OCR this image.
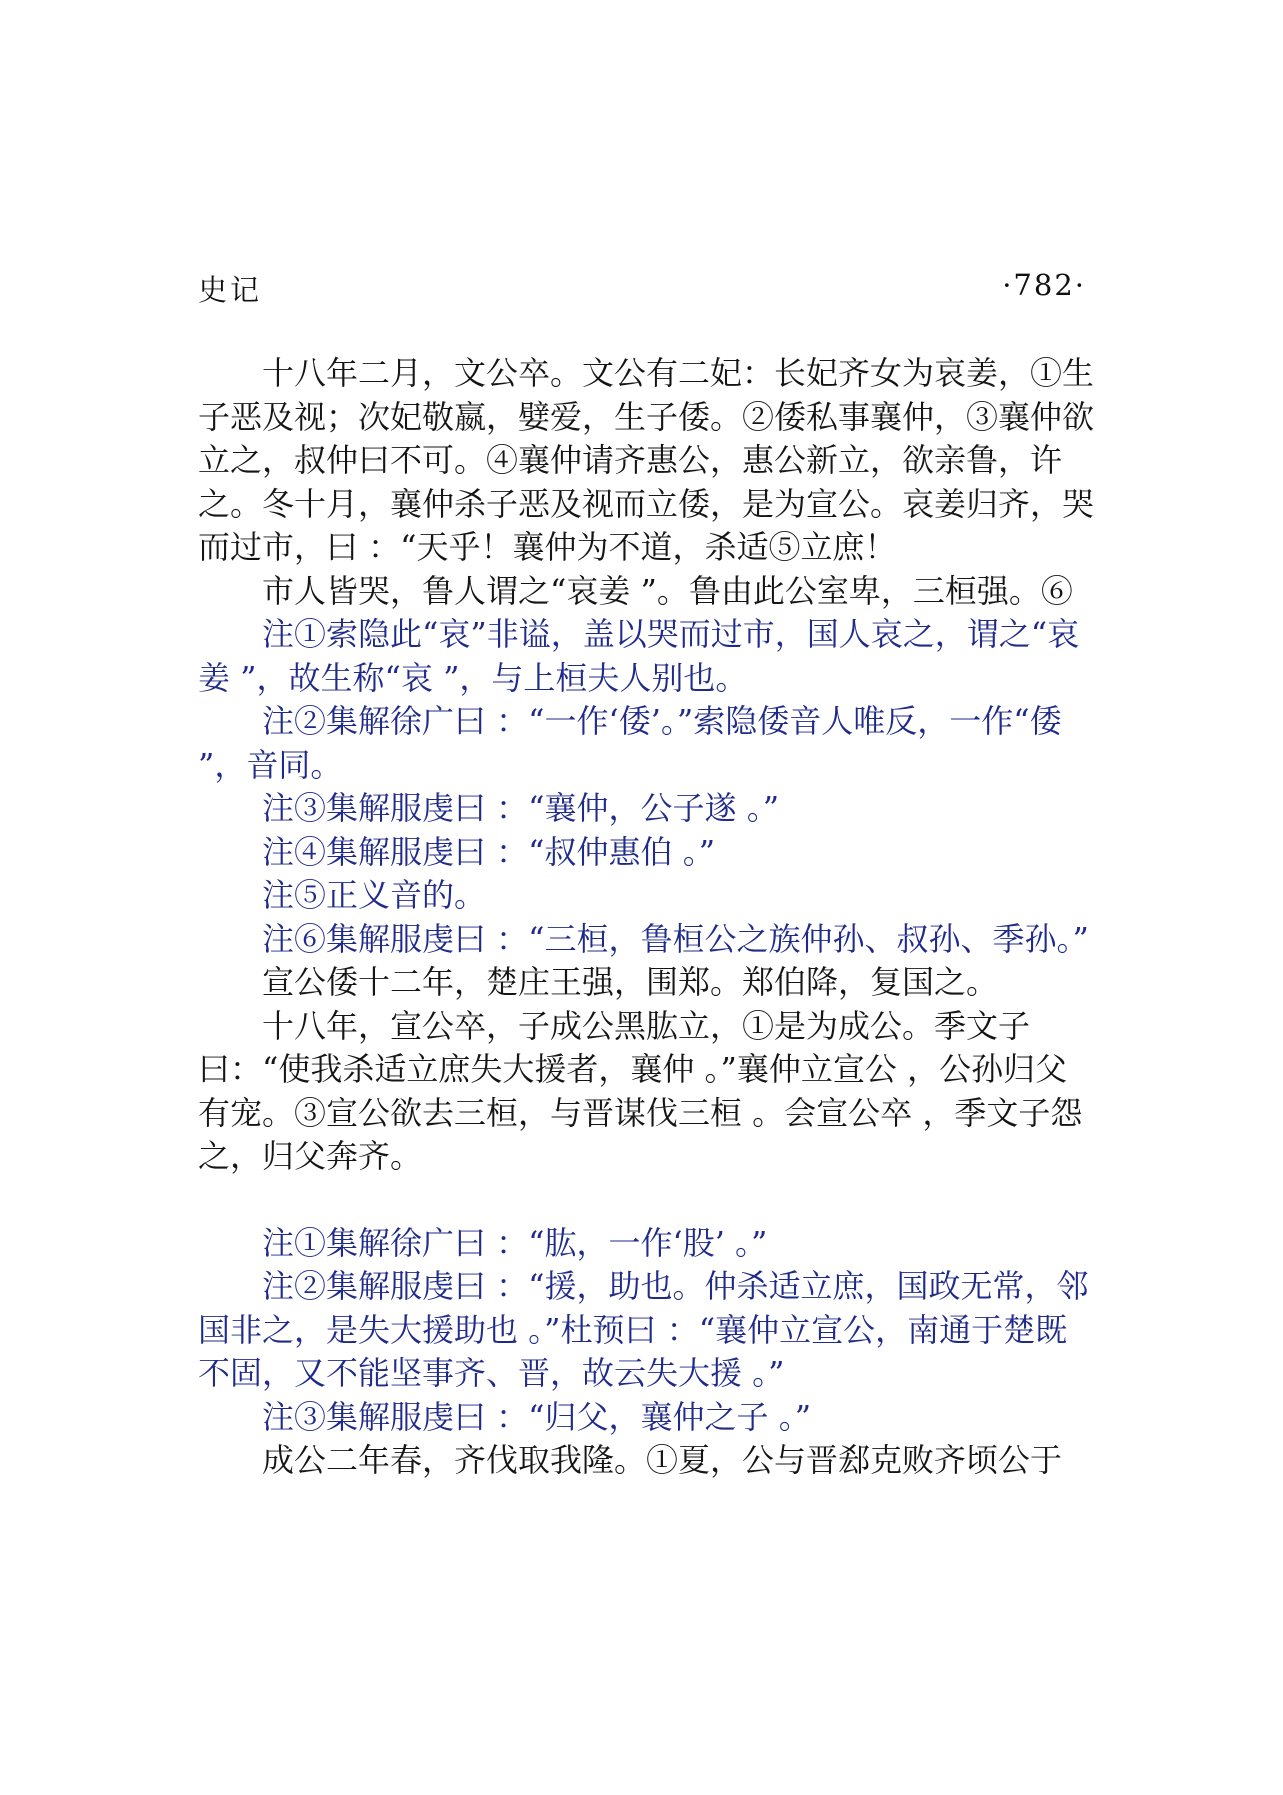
史记	·782·

十八年二月，文公卒。文公有二妃：长妃齐女为哀姜，①生子恶及视；次妃敬嬴，嬖爱，生子倭。②倭私事襄仲，③襄仲欲立之，叔仲曰不可。④襄仲请齐惠公，惠公新立，欲亲鲁，许之。冬十月，襄仲杀子恶及视而立倭，是为宣公。哀姜归齐，哭而过市，曰 ：“天乎！襄仲为不道，杀适⑤立庶！

市人皆哭，鲁人谓之“哀姜 ”。鲁由此公室卑，三桓强。⑥

注①索隐此“哀”非谥，盖以哭而过市，国人哀之，谓之“哀姜 ”，故生称“哀 ”，与上桓夫人别也。

注②集解徐广曰 ：“一作‘倭’。”索隐倭音人唯反，一作“倭 ”，音同。

注③集解服虔曰 ：“襄仲，公子遂 。”

注④集解服虔曰 ：“叔仲惠伯 。”

注⑤正义音的。

注⑥集解服虔曰 ：“三桓，鲁桓公之族仲孙、叔孙、季孙。”

宣公倭十二年，楚庄王强，围郑。郑伯降，复国之。

十八年，宣公卒，子成公黑肱立，①是为成公。季文子曰：“使我杀适立庶失大援者，襄仲 。”襄仲立宣公 ，公孙归父有宠。③宣公欲去三桓，与晋谋伐三桓 。会宣公卒 ，季文子怨之，归父奔齐。

注①集解徐广曰 ：“肱，一作‘股’ 。”

注②集解服虔曰 ：“援，助也。仲杀适立庶，国政无常，邻国非之，是失大援助也 。”杜预曰 ：“襄仲立宣公，南通于楚既不固，又不能坚事齐、晋，故云失大援 。”

注③集解服虔曰 ：“归父，襄仲之子 。”

成公二年春，齐伐取我隆。①夏，公与晋郄克败齐顷公于
